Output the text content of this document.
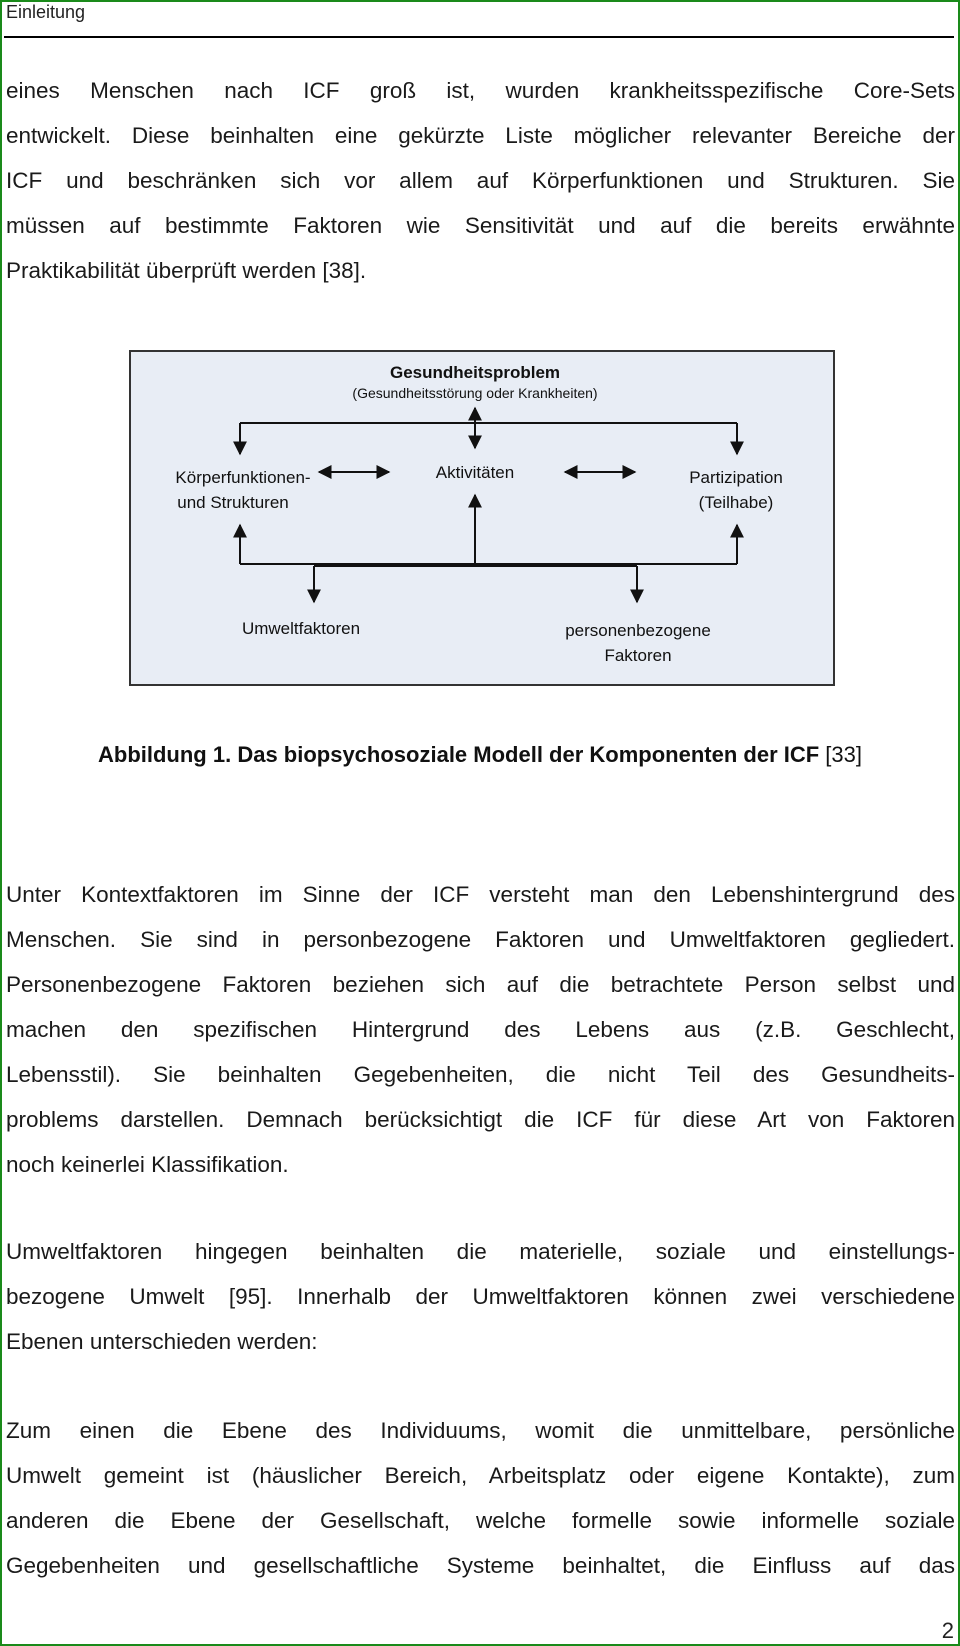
Einleitung
eines Menschen nach ICF groß ist, wurden krankheitsspezifische Core-Sets
entwickelt. Diese beinhalten eine gekürzte Liste möglicher relevanter Bereiche der
ICF und beschränken sich vor allem auf Körperfunktionen und Strukturen. Sie
müssen auf bestimmte Faktoren wie Sensitivität und auf die bereits erwähnte
Praktikabilität überprüft werden [38].
Gesundheitsproblem
(Gesundheitsstörung oder Krankheiten)
Körperfunktionen-
und Strukturen
Aktivitäten	Partizipation
(Teilhabe)
Umweltfaktoren	personenbezogene
Faktoren
Abbildung 1. Das biopsychosoziale Modell der Komponenten der ICF [33]
Unter Kontextfaktoren im Sinne der ICF versteht man den Lebenshintergrund des
Menschen. Sie sind in personbezogene Faktoren und Umweltfaktoren gegliedert.
Personenbezogene Faktoren beziehen sich auf die betrachtete Person selbst und
machen den spezifischen Hintergrund des Lebens aus (z.B. Geschlecht,
Lebensstil). Sie beinhalten Gegebenheiten, die nicht Teil des Gesundheits-
problems darstellen. Demnach berücksichtigt die ICF für diese Art von Faktoren
noch keinerlei Klassifikation.
Umweltfaktoren hingegen beinhalten die materielle, soziale und einstellungs-
bezogene Umwelt [95]. Innerhalb der Umweltfaktoren können zwei verschiedene
Ebenen unterschieden werden:
Zum einen die Ebene des Individuums, womit die unmittelbare, persönliche
Umwelt gemeint ist (häuslicher Bereich, Arbeitsplatz oder eigene Kontakte), zum
anderen die Ebene der Gesellschaft, welche formelle sowie informelle soziale
Gegebenheiten und gesellschaftliche Systeme beinhaltet, die Einfluss auf das
2
